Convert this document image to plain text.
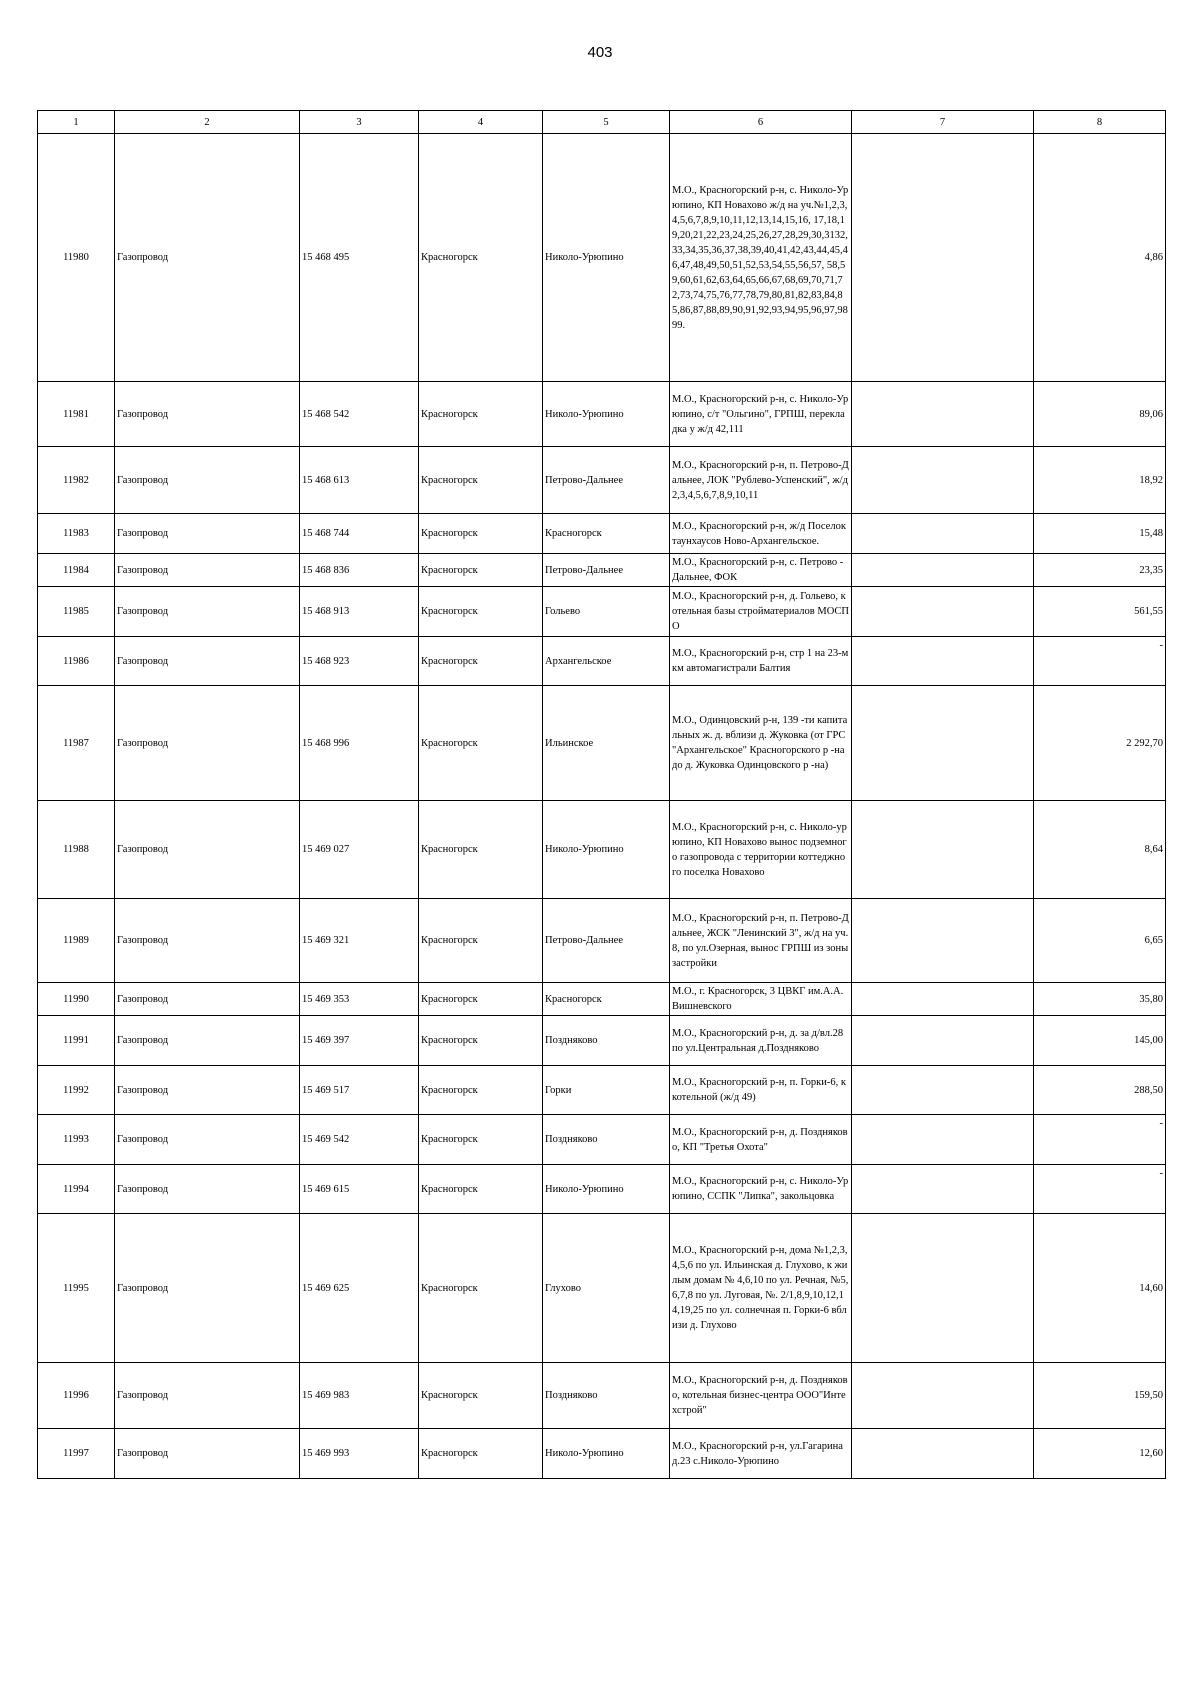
403
1	2	3	4	5	6	7	8
11980	Газопровод	15 468 495	Красногорск	Николо-Урюпино	М.О., Красногорский р-н, с. Николо-Урюпино, КП Новахово ж/д на уч.№1,2,3,4,5,6,7,8,9,10,11,12,13,14,15,16, 17,18,19,20,21,22,23,24,25,26,27,28,29,30,3132,33,34,35,36,37,38,39,40,41,42,43,44,45,46,47,48,49,50,51,52,53,54,55,56,57, 58,59,60,61,62,63,64,65,66,67,68,69,70,71,72,73,74,75,76,77,78,79,80,81,82,83,84,85,86,87,88,89,90,91,92,93,94,95,96,97,98 99.		4,86
11981	Газопровод	15 468 542	Красногорск	Николо-Урюпино	М.О., Красногорский р-н, с. Николо-Урюпино, с/т "Ольгино", ГРПШ, перекладка у ж/д 42,111		89,06
11982	Газопровод	15 468 613	Красногорск	Петрово-Дальнее	М.О., Красногорский р-н, п. Петрово-Дальнее, ЛОК "Рублево-Успенский", ж/д 2,3,4,5,6,7,8,9,10,11		18,92
11983	Газопровод	15 468 744	Красногорск	Красногорск	М.О., Красногорский р-н, ж/д Поселок таунхаусов Ново-Архангельское.		15,48
11984	Газопровод	15 468 836	Красногорск	Петрово-Дальнее	М.О., Красногорский р-н, с. Петрово - Дальнее, ФОК		23,35
11985	Газопровод	15 468 913	Красногорск	Гольево	М.О., Красногорский р-н, д. Гольево, котельная базы стройматериалов МОСПО		561,55
11986	Газопровод	15 468 923	Красногорск	Архангельское	М.О., Красногорский р-н, стр 1 на 23-м км автомагистрали Балтия		-
11987	Газопровод	15 468 996	Красногорск	Ильинское	М.О., Одинцовский р-н, 139 -ти капитальных ж. д. вблизи д. Жуковка (от ГРС "Архангельское" Красногорского р -на до д. Жуковка Одинцовского р -на)		2 292,70
11988	Газопровод	15 469 027	Красногорск	Николо-Урюпино	М.О., Красногорский р-н, с. Николо-урюпино, КП Новахово вынос подземного газопровода с территории коттеджного поселка Новахово		8,64
11989	Газопровод	15 469 321	Красногорск	Петрово-Дальнее	М.О., Красногорский р-н, п. Петрово-Дальнее, ЖСК "Ленинский 3", ж/д на уч.8, по ул.Озерная, вынос ГРПШ из зоны застройки		6,65
11990	Газопровод	15 469 353	Красногорск	Красногорск	М.О., г. Красногорск, 3 ЦВКГ им.А.А.Вишневского		35,80
11991	Газопровод	15 469 397	Красногорск	Поздняково	М.О., Красногорский р-н, д. за д/вл.28 по ул.Центральная д.Поздняково		145,00
11992	Газопровод	15 469 517	Красногорск	Горки	М.О., Красногорский р-н, п. Горки-6, к котельной (ж/д 49)		288,50
11993	Газопровод	15 469 542	Красногорск	Поздняково	М.О., Красногорский р-н, д. Поздняково, КП "Третья Охота"		-
11994	Газопровод	15 469 615	Красногорск	Николо-Урюпино	М.О., Красногорский р-н, с. Николо-Урюпино, ССПК "Липка", закольцовка		-
11995	Газопровод	15 469 625	Красногорск	Глухово	М.О., Красногорский р-н, дома №1,2,3,4,5,6 по ул. Ильинская д. Глухово, к жилым домам № 4,6,10 по ул. Речная, №5,6,7,8 по ул. Луговая, №. 2/1,8,9,10,12,14,19,25 по ул. солнечная п. Горки-6 вблизи д. Глухово		14,60
11996	Газопровод	15 469 983	Красногорск	Поздняково	М.О., Красногорский р-н, д. Поздняково, котельная бизнес-центра ООО"Интехстрой"		159,50
11997	Газопровод	15 469 993	Красногорск	Николо-Урюпино	М.О., Красногорский р-н, ул.Гагарина д.23 с.Николо-Урюпино		12,60
